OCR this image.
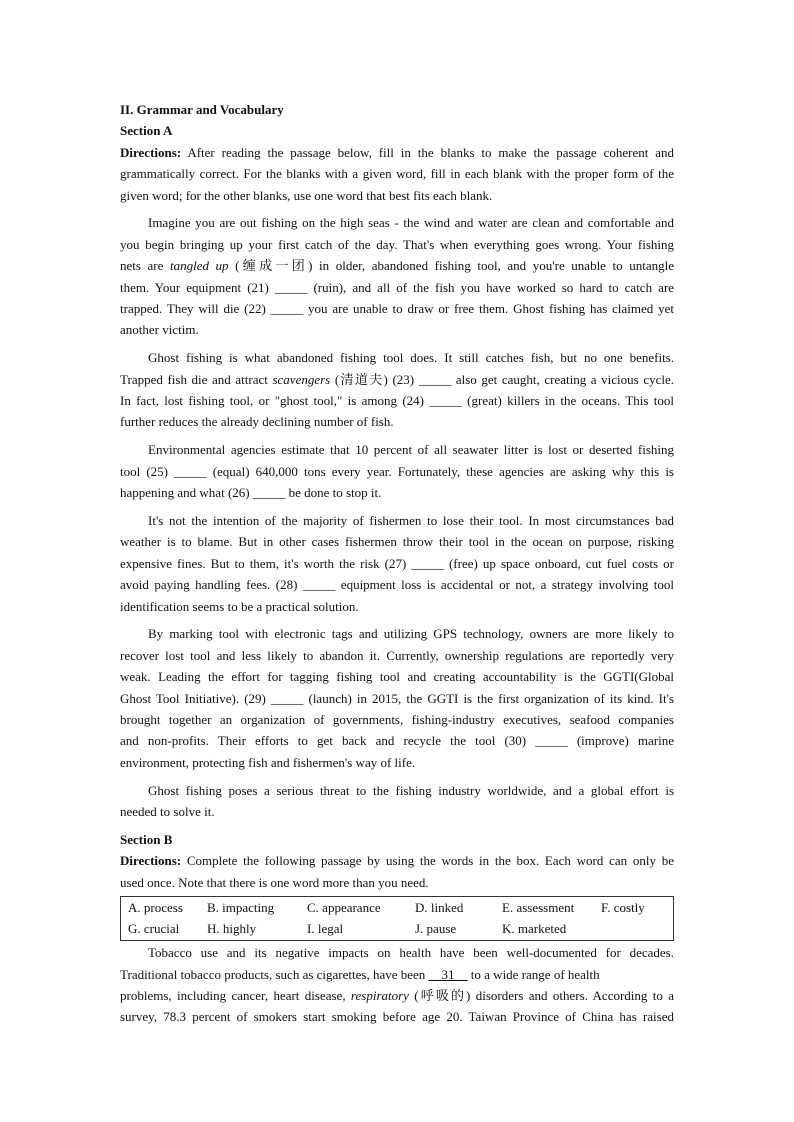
II. Grammar and Vocabulary
Section A
Directions: After reading the passage below, fill in the blanks to make the passage coherent and
grammatically correct. For the blanks with a given word, fill in each blank with the proper form of the
given word; for the other blanks, use one word that best fits each blank.
Imagine you are out fishing on the high seas - the wind and water are clean and comfortable and
you begin bringing up your first catch of the day. That's when everything goes wrong. Your fishing
nets are tangled up (缠成一团) in older, abandoned fishing tool, and you're unable to untangle
them. Your equipment (21) _____ (ruin), and all of the fish you have worked so hard to catch are
trapped. They will die (22) _____ you are unable to draw or free them. Ghost fishing has claimed yet
another victim.
Ghost fishing is what abandoned fishing tool does. It still catches fish, but no one benefits.
Trapped fish die and attract scavengers (清道夫) (23) _____ also get caught, creating a vicious cycle.
In fact, lost fishing tool, or "ghost tool," is among (24) _____ (great) killers in the oceans. This tool
further reduces the already declining number of fish.
Environmental agencies estimate that 10 percent of all seawater litter is lost or deserted fishing
tool (25) _____ (equal) 640,000 tons every year. Fortunately, these agencies are asking why this is
happening and what (26) _____ be done to stop it.
It's not the intention of the majority of fishermen to lose their tool. In most circumstances bad
weather is to blame. But in other cases fishermen throw their tool in the ocean on purpose, risking
expensive fines. But to them, it's worth the risk (27) _____ (free) up space onboard, cut fuel costs or
avoid paying handling fees. (28) _____ equipment loss is accidental or not, a strategy involving tool
identification seems to be a practical solution.
By marking tool with electronic tags and utilizing GPS technology, owners are more likely to
recover lost tool and less likely to abandon it. Currently, ownership regulations are reportedly very
weak. Leading the effort for tagging fishing tool and creating accountability is the GGTI(Global
Ghost Tool Initiative). (29) _____ (launch) in 2015, the GGTI is the first organization of its kind. It's
brought together an organization of governments, fishing-industry executives, seafood companies
and non-profits. Their efforts to get back and recycle the tool (30) _____ (improve) marine
environment, protecting fish and fishermen's way of life.
Ghost fishing poses a serious threat to the fishing industry worldwide, and a global effort is
needed to solve it.
Section B
Directions: Complete the following passage by using the words in the box. Each word can only be
used once. Note that there is one word more than you need.
A. process B. impacting	C. appearance	D. linked	E. assessment F. costly
G. crucial H. highly	I. legal	J. pause	K. marketed
Tobacco use and its negative impacts on health have been well-documented for decades.
Traditional tobacco products, such as cigarettes, have been __31__ to a wide range of health
problems, including cancer, heart disease, respiratory (呼吸的) disorders and others. According to a
survey, 78.3 percent of smokers start smoking before age 20. Taiwan Province of China has raised
